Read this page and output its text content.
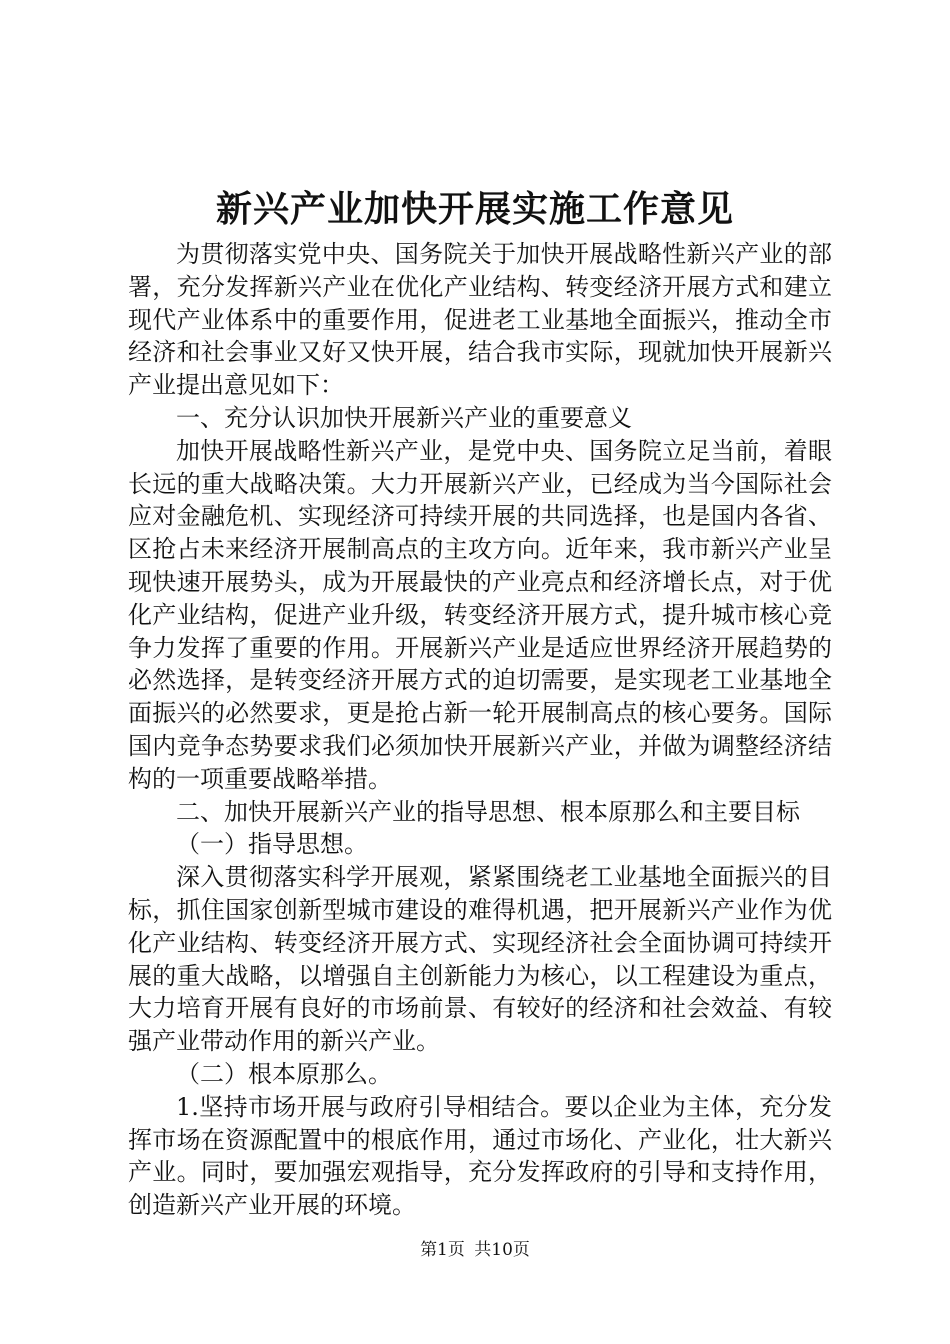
新兴产业加快开展实施工作意见

为贯彻落实党中央、国务院关于加快开展战略性新兴产业的部署，充分发挥新兴产业在优化产业结构、转变经济开展方式和建立现代产业体系中的重要作用，促进老工业基地全面振兴，推动全市经济和社会事业又好又快开展，结合我市实际，现就加快开展新兴产业提出意见如下：

一、充分认识加快开展新兴产业的重要意义

加快开展战略性新兴产业，是党中央、国务院立足当前，着眼长远的重大战略决策。大力开展新兴产业，已经成为当今国际社会应对金融危机、实现经济可持续开展的共同选择，也是国内各省、区抢占未来经济开展制高点的主攻方向。近年来，我市新兴产业呈现快速开展势头，成为开展最快的产业亮点和经济增长点，对于优化产业结构，促进产业升级，转变经济开展方式，提升城市核心竞争力发挥了重要的作用。开展新兴产业是适应世界经济开展趋势的必然选择，是转变经济开展方式的迫切需要，是实现老工业基地全面振兴的必然要求，更是抢占新一轮开展制高点的核心要务。国际国内竞争态势要求我们必须加快开展新兴产业，并做为调整经济结构的一项重要战略举措。

二、加快开展新兴产业的指导思想、根本原那么和主要目标

（一）指导思想。

深入贯彻落实科学开展观，紧紧围绕老工业基地全面振兴的目标，抓住国家创新型城市建设的难得机遇，把开展新兴产业作为优化产业结构、转变经济开展方式、实现经济社会全面协调可持续开展的重大战略，以增强自主创新能力为核心，以工程建设为重点，大力培育开展有良好的市场前景、有较好的经济和社会效益、有较强产业带动作用的新兴产业。

（二）根本原那么。

1.坚持市场开展与政府引导相结合。要以企业为主体，充分发挥市场在资源配置中的根底作用，通过市场化、产业化，壮大新兴产业。同时，要加强宏观指导，充分发挥政府的引导和支持作用，创造新兴产业开展的环境。

第1页 共10页
